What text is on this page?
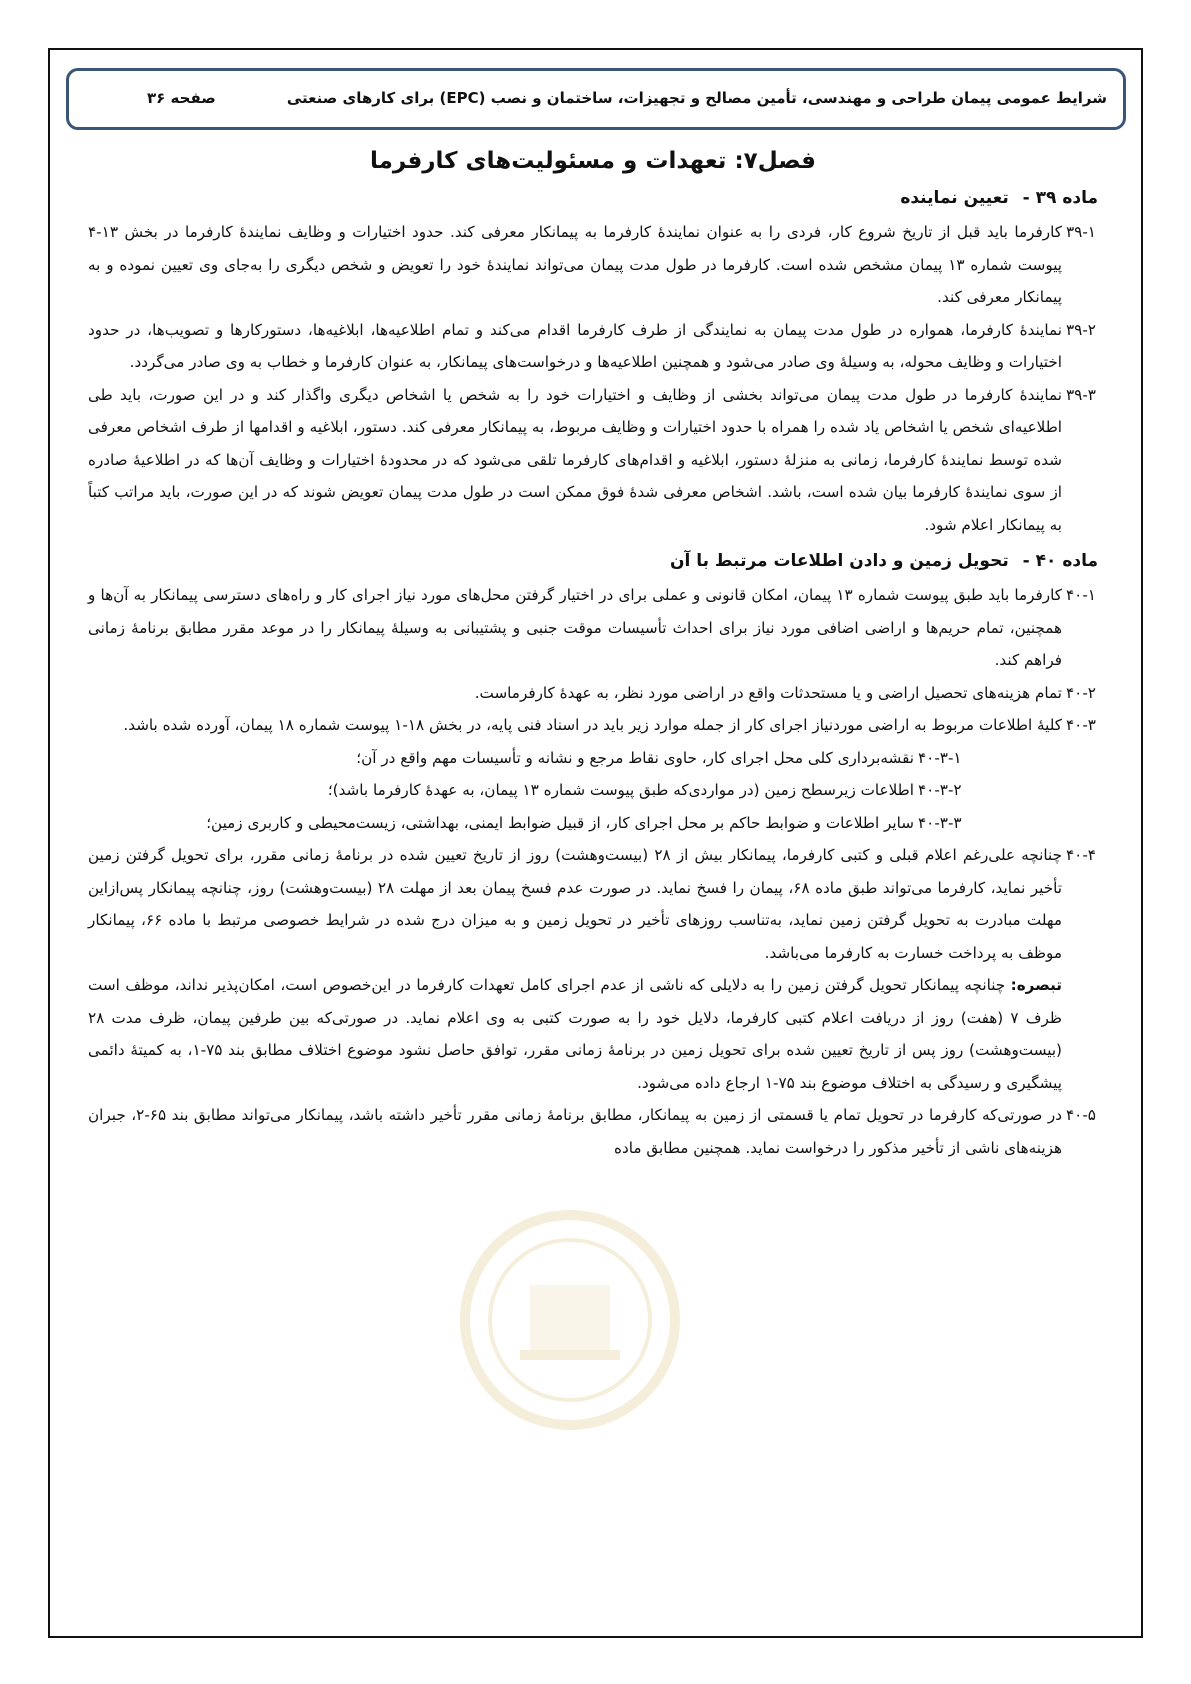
شرایط عمومی پیمان طراحی و مهندسی، تأمین مصالح و تجهیزات، ساختمان و نصب (EPC) برای کارهای صنعتی
صفحه ۳۶
فصل۷: تعهدات و مسئولیت‌های کارفرما
ماده ۳۹ - تعیین نماینده

۳۹-۱
کارفرما باید قبل از تاریخ شروع کار، فردی را به عنوان نمایندهٔ کارفرما به پیمانکار معرفی کند. حدود اختیارات و وظایف نمایندهٔ کارفرما در بخش ۱۳-۴ پیوست شماره ۱۳ پیمان مشخص شده است. کارفرما در طول مدت پیمان می‌تواند نمایندهٔ خود را تعویض و شخص دیگری را به‌جای وی تعیین نموده و به پیمانکار معرفی کند.

۳۹-۲
نمایندهٔ کارفرما، همواره در طول مدت پیمان به نمایندگی از طرف کارفرما اقدام می‌کند و تمام اطلاعیه‌ها، ابلاغیه‌ها، دستورکارها و تصویب‌ها، در حدود اختیارات و وظایف محوله، به وسیلهٔ وی صادر می‌شود و همچنین اطلاعیه‌ها و درخواست‌های پیمانکار، به عنوان کارفرما و خطاب به وی صادر می‌گردد.

۳۹-۳
نمایندهٔ کارفرما در طول مدت پیمان می‌تواند بخشی از وظایف و اختیارات خود را به شخص یا اشخاص دیگری واگذار کند و در این صورت، باید طی اطلاعیه‌ای شخص یا اشخاص یاد شده را همراه با حدود اختیارات و وظایف مربوط، به پیمانکار معرفی کند. دستور، ابلاغیه و اقدامها از طرف اشخاص معرفی شده توسط نمایندهٔ کارفرما، زمانی به منزلهٔ دستور، ابلاغیه و اقدام‌های کارفرما تلقی می‌شود که در محدودهٔ اختیارات و وظایف آن‌ها که در اطلاعیهٔ صادره از سوی نمایندهٔ کارفرما بیان شده است، باشد. اشخاص معرفی شدهٔ فوق ممکن است در طول مدت پیمان تعویض شوند که در این صورت، باید مراتب کتباً به پیمانکار اعلام شود.

ماده ۴۰ - تحویل زمین و دادن اطلاعات مرتبط با آن

۴۰-۱
کارفرما باید طبق پیوست شماره ۱۳ پیمان، امکان قانونی و عملی برای در اختیار گرفتن محل‌های مورد نیاز اجرای کار و راه‌های دسترسی پیمانکار به آن‌ها و همچنین، تمام حریم‌ها و اراضی اضافی مورد نیاز برای احداث تأسیسات موقت جنبی و پشتیبانی به وسیلهٔ پیمانکار را در موعد مقرر مطابق برنامهٔ زمانی فراهم کند.

۴۰-۲
تمام هزینه‌های تحصیل اراضی و یا مستحدثات واقع در اراضی مورد نظر، به عهدهٔ کارفرماست.

۴۰-۳
کلیهٔ اطلاعات مربوط به اراضی موردنیاز اجرای کار از جمله موارد زیر باید در اسناد فنی پایه، در بخش ۱۸-۱ پیوست شماره ۱۸ پیمان، آورده شده باشد.

۴۰-۳-۱
نقشه‌برداری کلی محل اجرای کار، حاوی نقاط مرجع و نشانه و تأسیسات مهم واقع در آن؛

۴۰-۳-۲
اطلاعات زیرسطح زمین (در مواردی‌که طبق پیوست شماره ۱۳ پیمان، به عهدهٔ کارفرما باشد)؛

۴۰-۳-۳
سایر اطلاعات و ضوابط حاکم بر محل اجرای کار، از قبیل ضوابط ایمنی، بهداشتی، زیست‌محیطی و کاربری زمین؛

۴۰-۴
چنانچه علی‌رغم اعلام قبلی و کتبی کارفرما، پیمانکار بیش از ۲۸ (بیست‌وهشت) روز از تاریخ تعیین شده در برنامهٔ زمانی مقرر، برای تحویل گرفتن زمین تأخیر نماید، کارفرما می‌تواند طبق ماده ۶۸، پیمان را فسخ نماید. در صورت عدم فسخ پیمان بعد از مهلت ۲۸ (بیست‌وهشت) روز، چنانچه پیمانکار پس‌ازاین مهلت مبادرت به تحویل گرفتن زمین نماید، به‌تناسب روزهای تأخیر در تحویل زمین و به میزان درج شده در شرایط خصوصی مرتبط با ماده ۶۶، پیمانکار موظف به پرداخت خسارت به کارفرما می‌باشد.

تبصره: چنانچه پیمانکار تحویل گرفتن زمین را به دلایلی که ناشی از عدم اجرای کامل تعهدات کارفرما در این‌خصوص است، امکان‌پذیر نداند، موظف است ظرف ۷ (هفت) روز از دریافت اعلام کتبی کارفرما، دلایل خود را به صورت کتبی به وی اعلام نماید. در صورتی‌که بین طرفین پیمان، ظرف مدت ۲۸ (بیست‌وهشت) روز پس از تاریخ تعیین شده برای تحویل زمین در برنامهٔ زمانی مقرر، توافق حاصل نشود موضوع اختلاف مطابق بند ۷۵-۱، به کمیتهٔ دائمی پیشگیری و رسیدگی به اختلاف موضوع بند ۷۵-۱ ارجاع داده می‌شود.

۴۰-۵
در صورتی‌که کارفرما در تحویل تمام یا قسمتی از زمین به پیمانکار، مطابق برنامهٔ زمانی مقرر تأخیر داشته باشد، پیمانکار می‌تواند مطابق بند ۶۵-۲، جبران هزینه‌های ناشی از تأخیر مذکور را درخواست نماید. همچنین مطابق ماده
